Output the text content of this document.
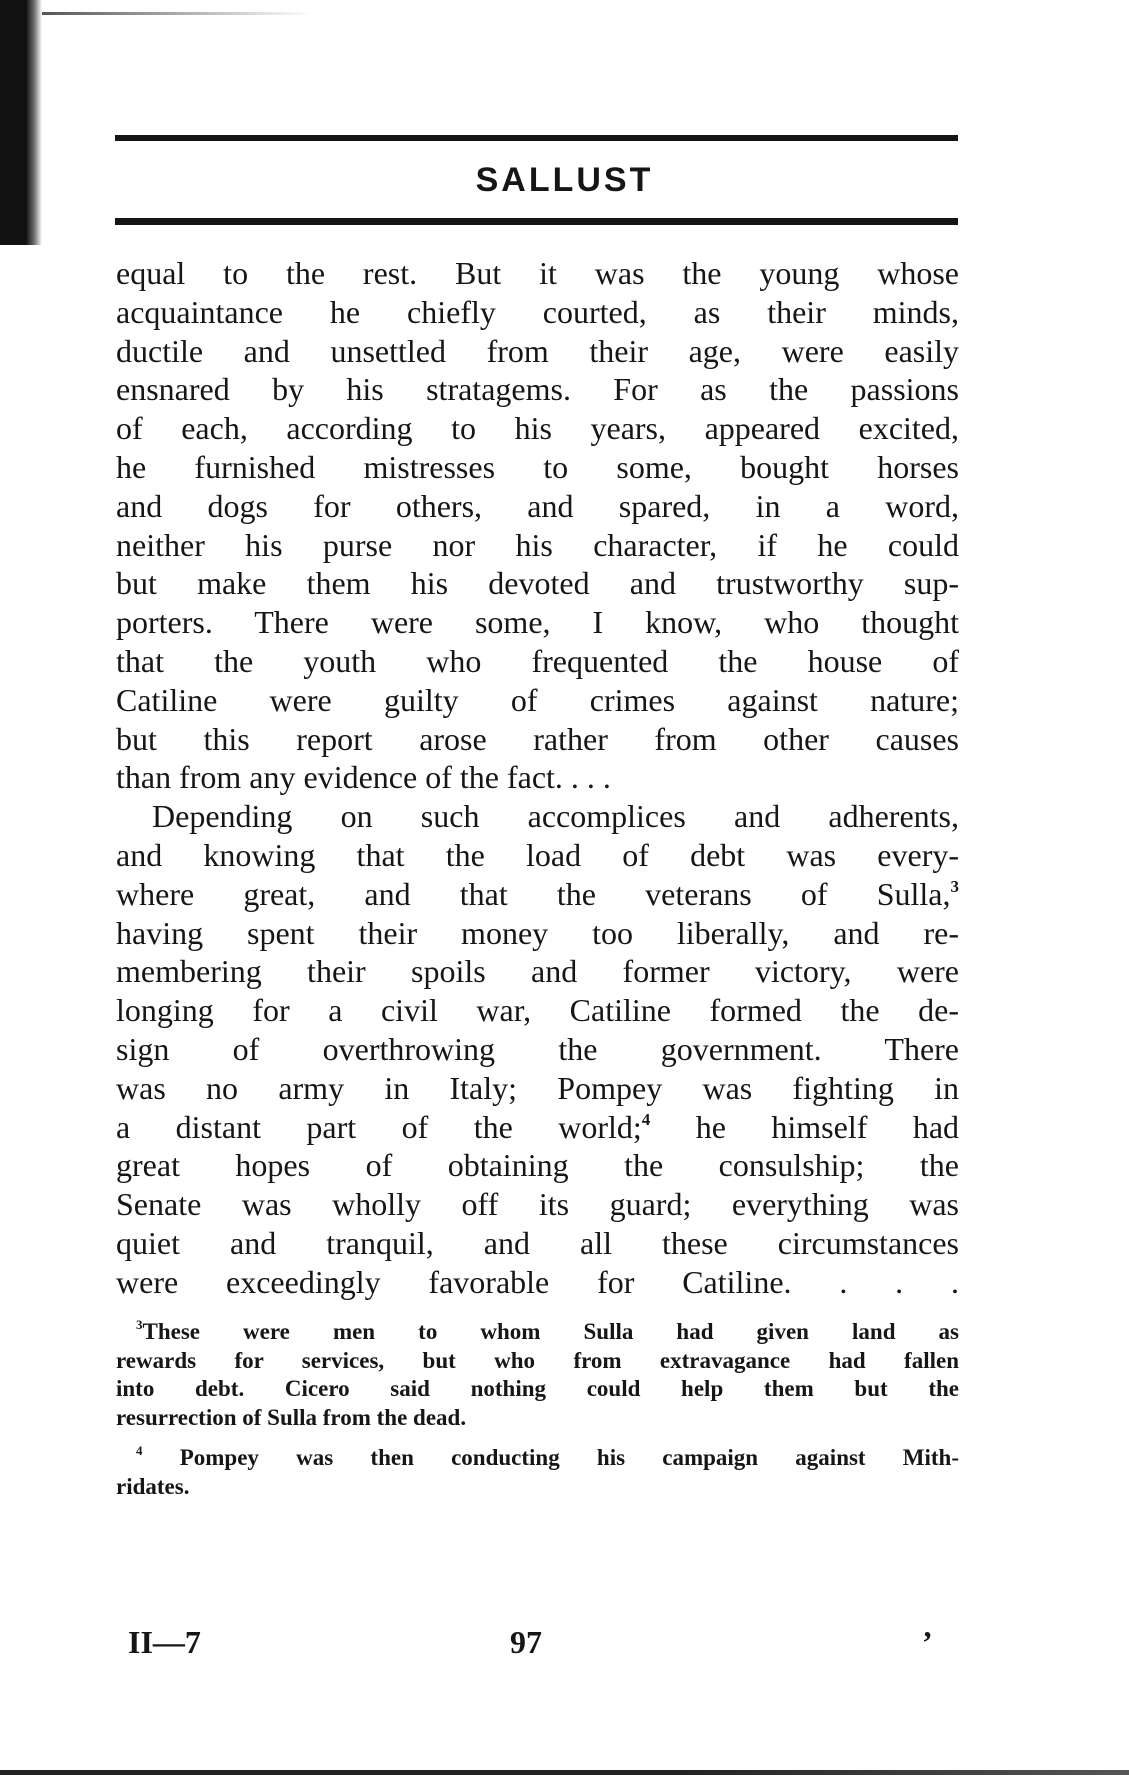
SALLUST
equal to the rest. But it was the young whose
acquaintance he chiefly courted, as their minds,
ductile and unsettled from their age, were easily
ensnared by his stratagems. For as the passions
of each, according to his years, appeared excited,
he furnished mistresses to some, bought horses
and dogs for others, and spared, in a word,
neither his purse nor his character, if he could
but make them his devoted and trustworthy sup-
porters. There were some, I know, who thought
that the youth who frequented the house of
Catiline were guilty of crimes against nature;
but this report arose rather from other causes
than from any evidence of the fact. . . .
Depending on such accomplices and adherents,
and knowing that the load of debt was every-
where great, and that the veterans of Sulla,$^3$
having spent their money too liberally, and re-
membering their spoils and former victory, were
longing for a civil war, Catiline formed the de-
sign of overthrowing the government. There
was no army in Italy; Pompey was fighting in
a distant part of the world;$^4$ he himself had
great hopes of obtaining the consulship; the
Senate was wholly off its guard; everything was
quiet and tranquil, and all these circumstances
were exceedingly favorable for Catiline. . . .
$^3$These were men to whom Sulla had given land as
rewards for services, but who from extravagance had fallen
into debt. Cicero said nothing could help them but the
resurrection of Sulla from the dead.
$^4$ Pompey was then conducting his campaign against Mith-
ridates.
II—7	97	’
